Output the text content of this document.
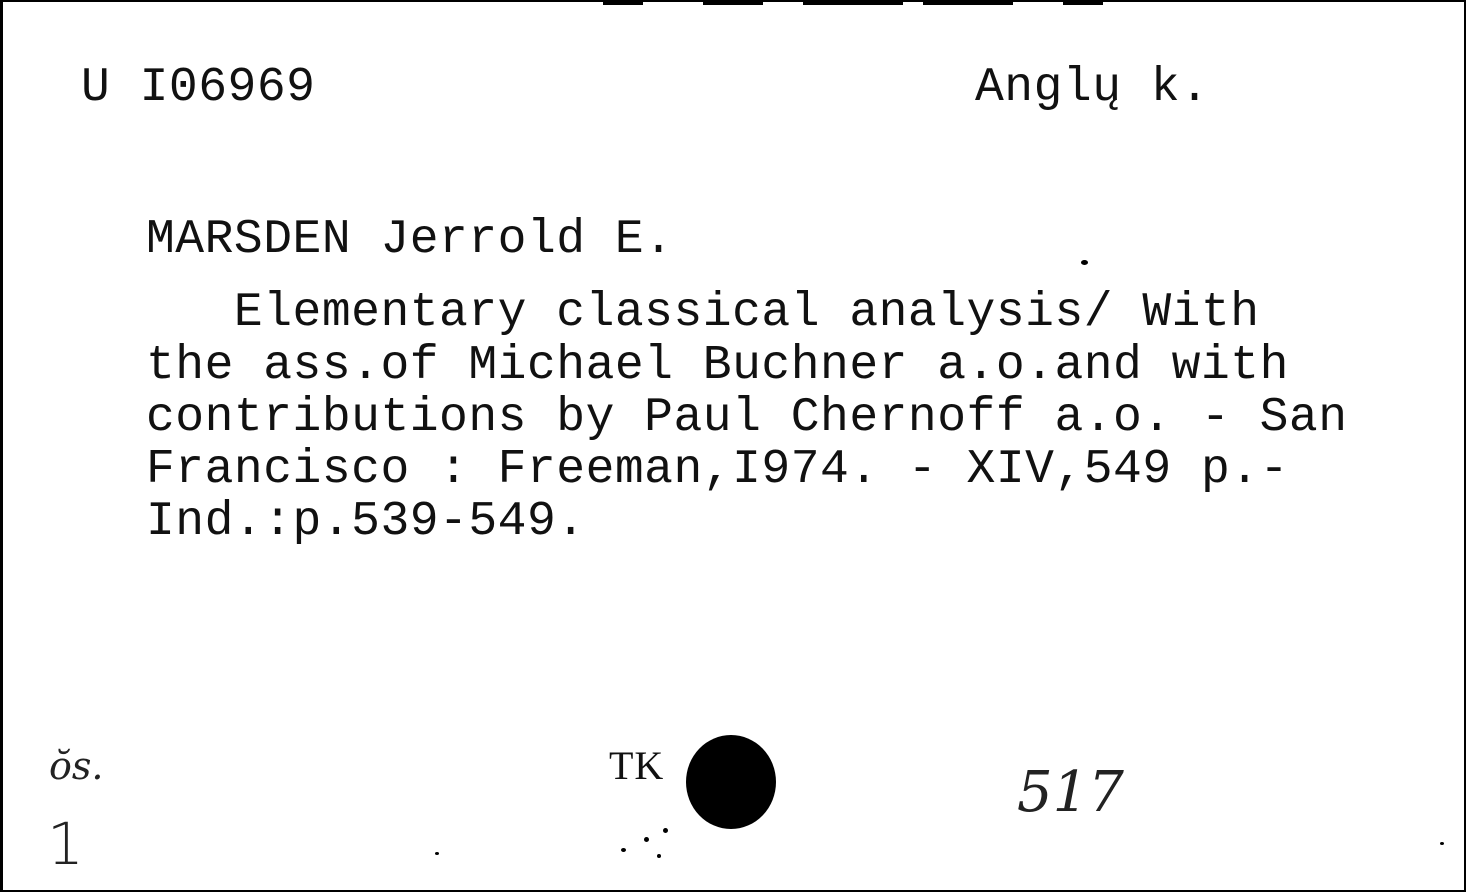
U I06969	Anglų k.
MARSDEN Jerrold E.
Elementary classical analysis/ With
the ass.of Michael Buchner a.o.and with
contributions by Paul Chernoff a.o. - San
Francisco : Freeman,I974. - XIV,549 p.-
Ind.:p.539-549.
ŏs.
1
TK	517
